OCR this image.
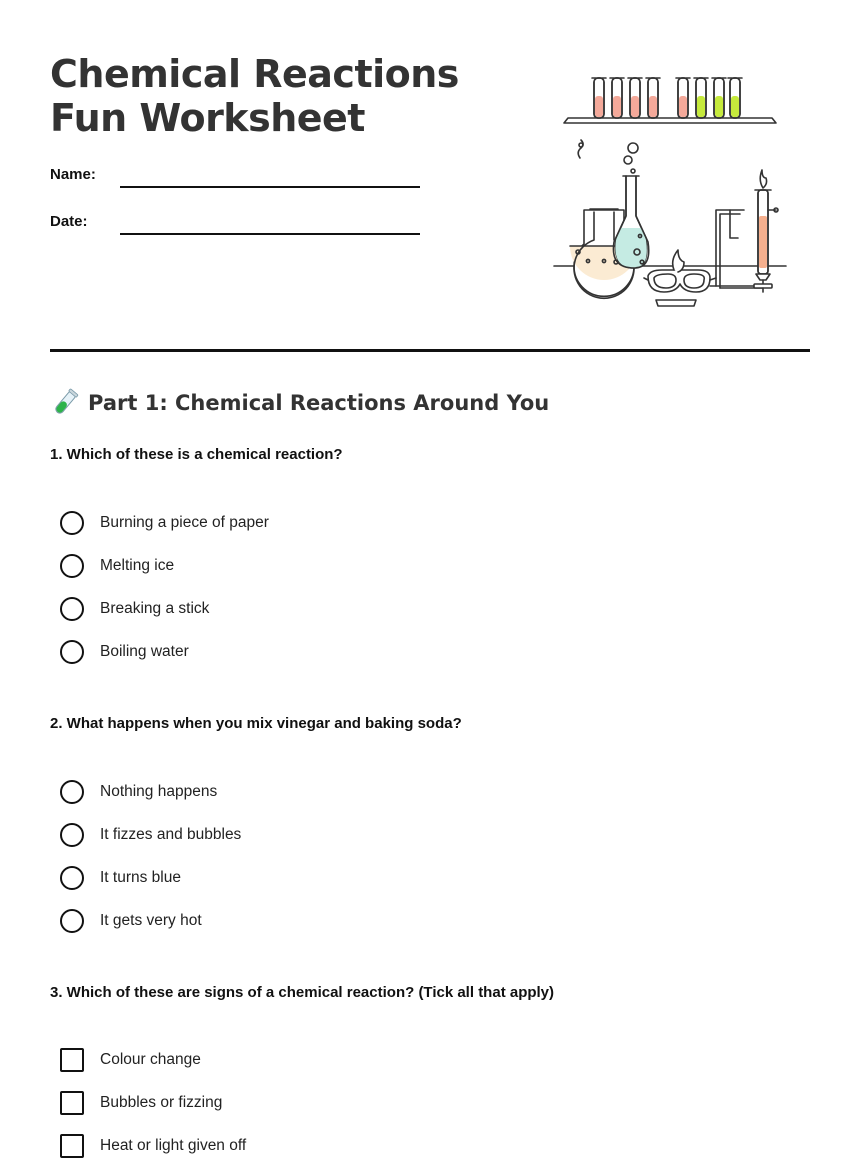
Chemical Reactions Fun Worksheet
Name:
Date:
Part 1: Chemical Reactions Around You
1. Which of these is a chemical reaction?
Burning a piece of paper
Melting ice
Breaking a stick
Boiling water
2. What happens when you mix vinegar and baking soda?
Nothing happens
It fizzes and bubbles
It turns blue
It gets very hot
3. Which of these are signs of a chemical reaction? (Tick all that apply)
Colour change
Bubbles or fizzing
Heat or light given off
